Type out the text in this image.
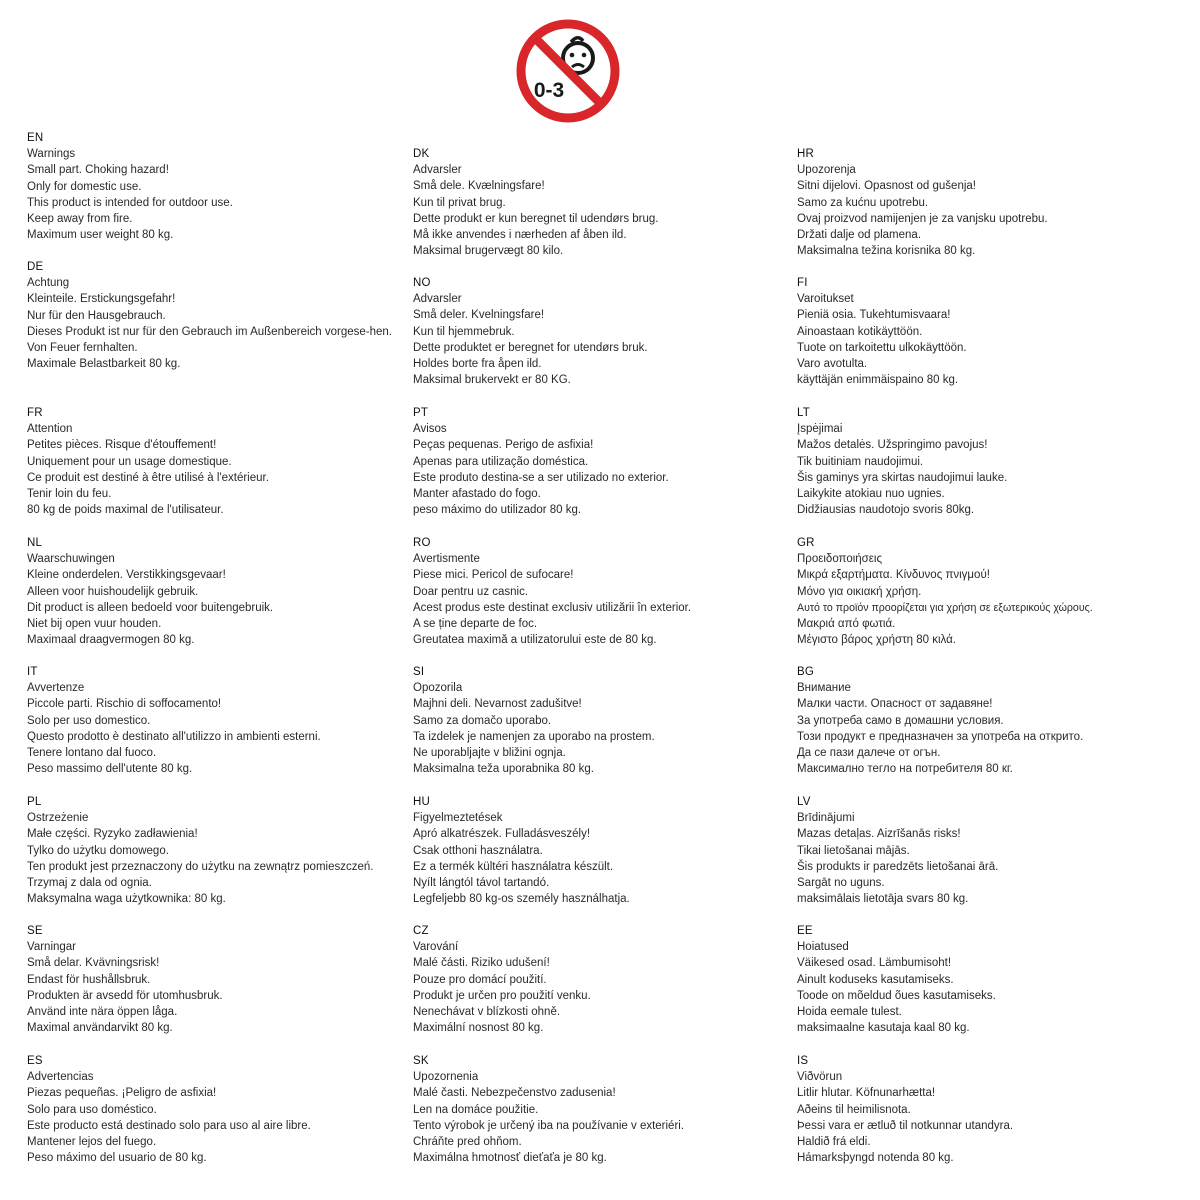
0-3
EN
Warnings
Small part. Choking hazard!
Only for domestic use.
This product is intended for outdoor use.
Keep away from fire.
Maximum user weight 80 kg.
DE
Achtung
Kleinteile. Erstickungsgefahr!
Nur für den Hausgebrauch.
Dieses Produkt ist nur für den Gebrauch im Außenbereich vorgese-hen.
Von Feuer fernhalten.
Maximale Belastbarkeit 80 kg.
FR
Attention
Petites pièces. Risque d'étouffement!
Uniquement pour un usage domestique.
Ce produit est destiné à être utilisé à l'extérieur.
Tenir loin du feu.
80 kg de poids maximal de l'utilisateur.
NL
Waarschuwingen
Kleine onderdelen. Verstikkingsgevaar!
Alleen voor huishoudelijk gebruik.
Dit product is alleen bedoeld voor buitengebruik.
Niet bij open vuur houden.
Maximaal draagvermogen 80 kg.
IT
Avvertenze
Piccole parti. Rischio di soffocamento!
Solo per uso domestico.
Questo prodotto è destinato all'utilizzo in ambienti esterni.
Tenere lontano dal fuoco.
Peso massimo dell'utente 80 kg.
PL
Ostrzeżenie
Małe części. Ryzyko zadławienia!
Tylko do użytku domowego.
Ten produkt jest przeznaczony do użytku na zewnątrz pomieszczeń.
Trzymaj z dala od ognia.
Maksymalna waga użytkownika: 80 kg.
SE
Varningar
Små delar. Kvävningsrisk!
Endast för hushållsbruk.
Produkten är avsedd för utomhusbruk.
Använd inte nära öppen låga.
Maximal användarvikt 80 kg.
ES
Advertencias
Piezas pequeñas. ¡Peligro de asfixia!
Solo para uso doméstico.
Este producto está destinado solo para uso al aire libre.
Mantener lejos del fuego.
Peso máximo del usuario de 80 kg.
DK
Advarsler
Små dele. Kvælningsfare!
Kun til privat brug.
Dette produkt er kun beregnet til udendørs brug.
Må ikke anvendes i nærheden af åben ild.
Maksimal brugervægt 80 kilo.
NO
Advarsler
Små deler. Kvelningsfare!
Kun til hjemmebruk.
Dette produktet er beregnet for utendørs bruk.
Holdes borte fra åpen ild.
Maksimal brukervekt er 80 KG.
PT
Avisos
Peças pequenas. Perigo de asfixia!
Apenas para utilização doméstica.
Este produto destina-se a ser utilizado no exterior.
Manter afastado do fogo.
peso máximo do utilizador 80 kg.
RO
Avertismente
Piese mici. Pericol de sufocare!
Doar pentru uz casnic.
Acest produs este destinat exclusiv utilizării în exterior.
A se ține departe de foc.
Greutatea maximă a utilizatorului este de 80 kg.
SI
Opozorila
Majhni deli. Nevarnost zadušitve!
Samo za domačo uporabo.
Ta izdelek je namenjen za uporabo na prostem.
Ne uporabljajte v bližini ognja.
Maksimalna teža uporabnika 80 kg.
HU
Figyelmeztetések
Apró alkatrészek. Fulladásveszély!
Csak otthoni használatra.
Ez a termék kültéri használatra készült.
Nyílt lángtól távol tartandó.
Legfeljebb 80 kg-os személy használhatja.
CZ
Varování
Malé části. Riziko udušení!
Pouze pro domácí použití.
Produkt je určen pro použití venku.
Nenechávat v blízkosti ohně.
Maximální nosnost 80 kg.
SK
Upozornenia
Malé časti. Nebezpečenstvo zadusenia!
Len na domáce použitie.
Tento výrobok je určený iba na používanie v exteriéri.
Chráňte pred ohňom.
Maximálna hmotnosť dieťaťa je 80 kg.
HR
Upozorenja
Sitni dijelovi. Opasnost od gušenja!
Samo za kućnu upotrebu.
Ovaj proizvod namijenjen je za vanjsku upotrebu.
Držati dalje od plamena.
Maksimalna težina korisnika 80 kg.
FI
Varoitukset
Pieniä osia. Tukehtumisvaara!
Ainoastaan kotikäyttöön.
Tuote on tarkoitettu ulkokäyttöön.
Varo avotulta.
käyttäjän enimmäispaino 80 kg.
LT
Įspėjimai
Mažos detalės. Užspringimo pavojus!
Tik buitiniam naudojimui.
Šis gaminys yra skirtas naudojimui lauke.
Laikykite atokiau nuo ugnies.
Didžiausias naudotojo svoris 80kg.
GR
Προειδοποιήσεις
Μικρά εξαρτήματα. Κίνδυνος πνιγμού!
Μόνο για οικιακή χρήση.
Αυτό το προϊόν προορίζεται για χρήση σε εξωτερικούς χώρους.
Μακριά από φωτιά.
Μέγιστο βάρος χρήστη 80 κιλά.
BG
Внимание
Малки части. Опасност от задавяне!
За употреба само в домашни условия.
Този продукт е предназначен за употреба на открито.
Да се пази далече от огън.
Максимално тегло на потребителя 80 кг.
LV
Brīdinājumi
Mazas detaļas. Aizrīšanās risks!
Tikai lietošanai mājās.
Šis produkts ir paredzēts lietošanai ārā.
Sargāt no uguns.
maksimālais lietotāja svars 80 kg.
EE
Hoiatused
Väikesed osad. Lämbumisoht!
Ainult koduseks kasutamiseks.
Toode on mõeldud õues kasutamiseks.
Hoida eemale tulest.
maksimaalne kasutaja kaal 80 kg.
IS
Viðvörun
Litlir hlutar. Köfnunarhætta!
Aðeins til heimilisnota.
Þessi vara er ætluð til notkunnar utandyra.
Haldið frá eldi.
Hámarksþyngd notenda 80 kg.
